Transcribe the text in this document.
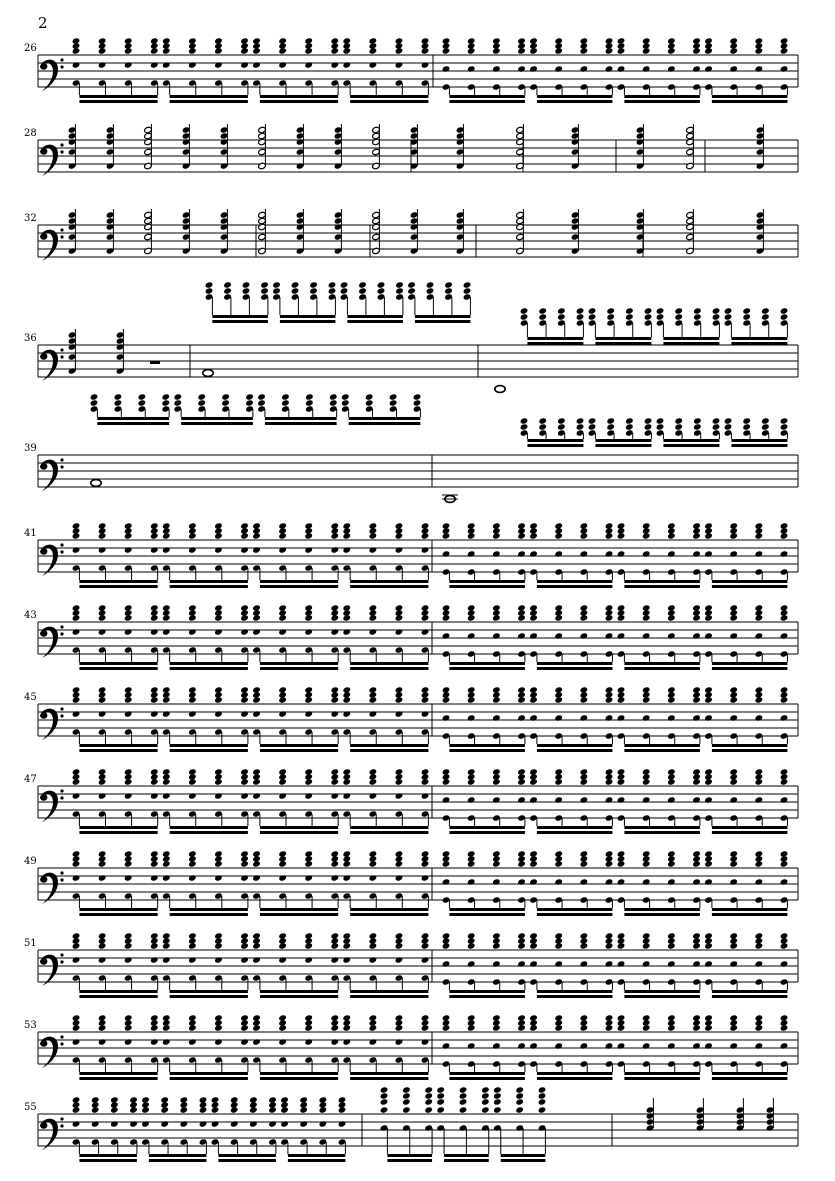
2
26
28
32
36
39
41
43
45
47
49
51
53
55
